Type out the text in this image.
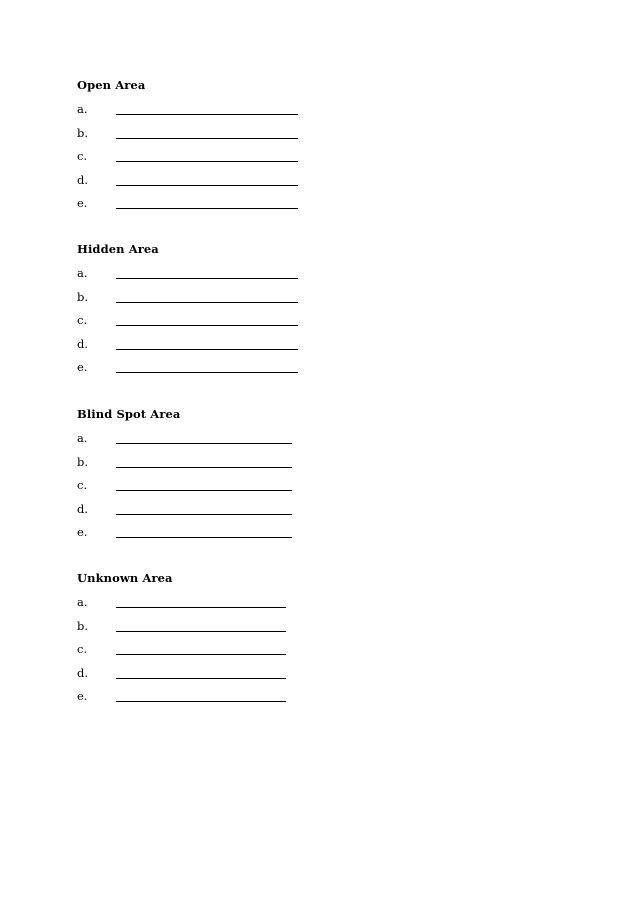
Open Area
a.
b.
c.
d.
e.
Hidden Area
a.
b.
c.
d.
e.
Blind Spot Area
a.
b.
c.
d.
e.
Unknown Area
a.
b.
c.
d.
e.
